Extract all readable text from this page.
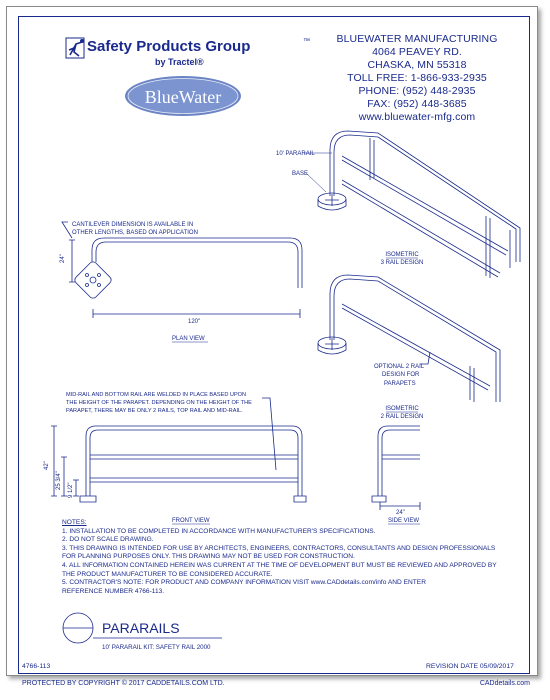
Safety Products Group	™
by Tractel®
BlueWater
10' PARARAIL
BASE
ISOMETRIC
3 RAIL DESIGN
CANTILEVER DIMENSION IS AVAILABLE IN
OTHER LENGTHS, BASED ON APPLICATION
24"
120"
PLAN VIEW
OPTIONAL 2 RAIL
DESIGN FOR
PARAPETS
ISOMETRIC
2 RAIL DESIGN
MID-RAIL AND BOTTOM RAIL ARE WELDED IN PLACE BASED UPON
THE HEIGHT OF THE PARAPET. DEPENDING ON THE HEIGHT OF THE
PARAPET, THERE MAY BE ONLY 2 RAILS, TOP RAIL AND MID-RAIL.
42"
25 3/4"
9 1/2"
FRONT VIEW
24"
SIDE VIEW
PARARAILS
10' PARARAIL KIT: SAFETY RAIL 2000
BLUEWATER MANUFACTURING
4064 PEAVEY RD.
CHASKA, MN 55318
TOLL FREE: 1-866-933-2935
PHONE: (952) 448-2935
FAX: (952) 448-3685
www.bluewater-mfg.com
NOTES:
1. INSTALLATION TO BE COMPLETED IN ACCORDANCE WITH MANUFACTURER'S SPECIFICATIONS.
2. DO NOT SCALE DRAWING.
3. THIS DRAWING IS INTENDED FOR USE BY ARCHITECTS, ENGINEERS, CONTRACTORS, CONSULTANTS AND DESIGN PROFESSIONALS
FOR PLANNING PURPOSES ONLY. THIS DRAWING MAY NOT BE USED FOR CONSTRUCTION.
4. ALL INFORMATION CONTAINED HEREIN WAS CURRENT AT THE TIME OF DEVELOPMENT BUT MUST BE REVIEWED AND APPROVED BY
THE PRODUCT MANUFACTURER TO BE CONSIDERED ACCURATE.
5. CONTRACTOR'S NOTE: FOR PRODUCT AND COMPANY INFORMATION VISIT www.CADdetails.com/info AND ENTER
REFERENCE NUMBER 4766-113.
4766-113	REVISION DATE 05/09/2017
PROTECTED BY COPYRIGHT © 2017 CADDETAILS.COM LTD.	CADdetails.com
